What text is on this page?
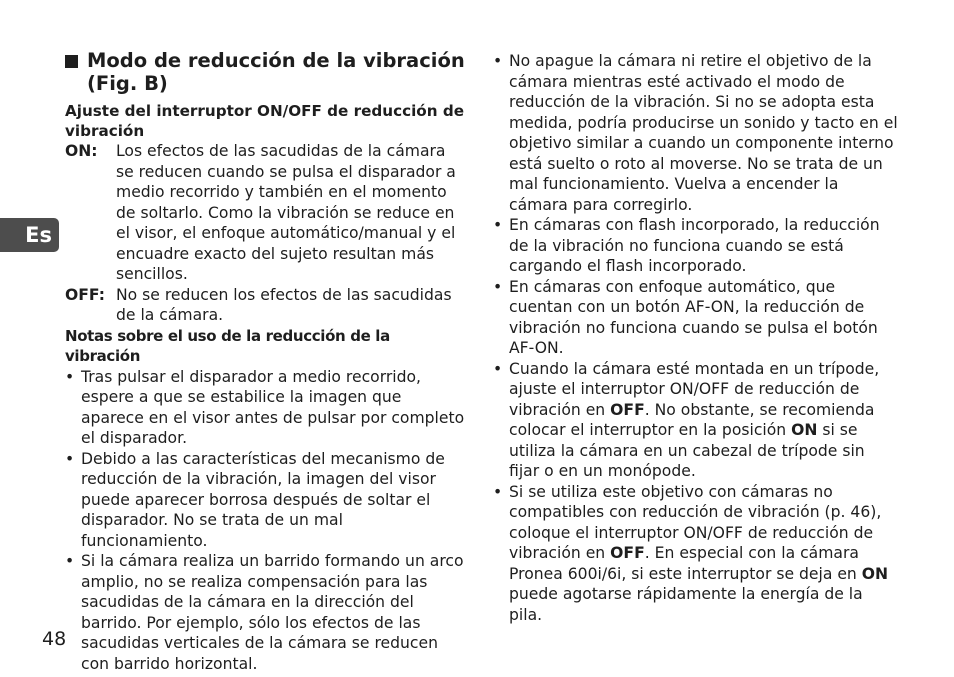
Es
Modo de reducción de la vibración (Fig. B)
Ajuste del interruptor ON/OFF de reducción de vibración
ON:	Los efectos de las sacudidas de la cámara se reducen cuando se pulsa el disparador a medio recorrido y también en el momento de soltarlo. Como la vibración se reduce en el visor, el enfoque automático/manual y el encuadre exacto del sujeto resultan más sencillos.
OFF: No se reducen los efectos de las sacudidas de la cámara.
Notas sobre el uso de la reducción de la vibración
• Tras pulsar el disparador a medio recorrido, espere a que se estabilice la imagen que aparece en el visor antes de pulsar por completo el disparador.
• Debido a las características del mecanismo de reducción de la vibración, la imagen del visor puede aparecer borrosa después de soltar el disparador. No se trata de un mal funcionamiento.
• Si la cámara realiza un barrido formando un arco amplio, no se realiza compensación para las sacudidas de la cámara en la dirección del barrido. Por ejemplo, sólo los efectos de las sacudidas verticales de la cámara se reducen con barrido horizontal.
• No apague la cámara ni retire el objetivo de la cámara mientras esté activado el modo de reducción de la vibración. Si no se adopta esta medida, podría producirse un sonido y tacto en el objetivo similar a cuando un componente interno está suelto o roto al moverse. No se trata de un mal funcionamiento. Vuelva a encender la cámara para corregirlo.
• En cámaras con flash incorporado, la reducción de la vibración no funciona cuando se está cargando el flash incorporado.
• En cámaras con enfoque automático, que cuentan con un botón AF-ON, la reducción de vibración no funciona cuando se pulsa el botón AF-ON.
• Cuando la cámara esté montada en un trípode, ajuste el interruptor ON/OFF de reducción de vibración en OFF. No obstante, se recomienda colocar el interruptor en la posición ON si se utiliza la cámara en un cabezal de trípode sin fijar o en un monópode.
• Si se utiliza este objetivo con cámaras no compatibles con reducción de vibración (p. 46), coloque el interruptor ON/OFF de reducción de vibración en OFF. En especial con la cámara Pronea 600i/6i, si este interruptor se deja en ON puede agotarse rápidamente la energía de la pila.
48
